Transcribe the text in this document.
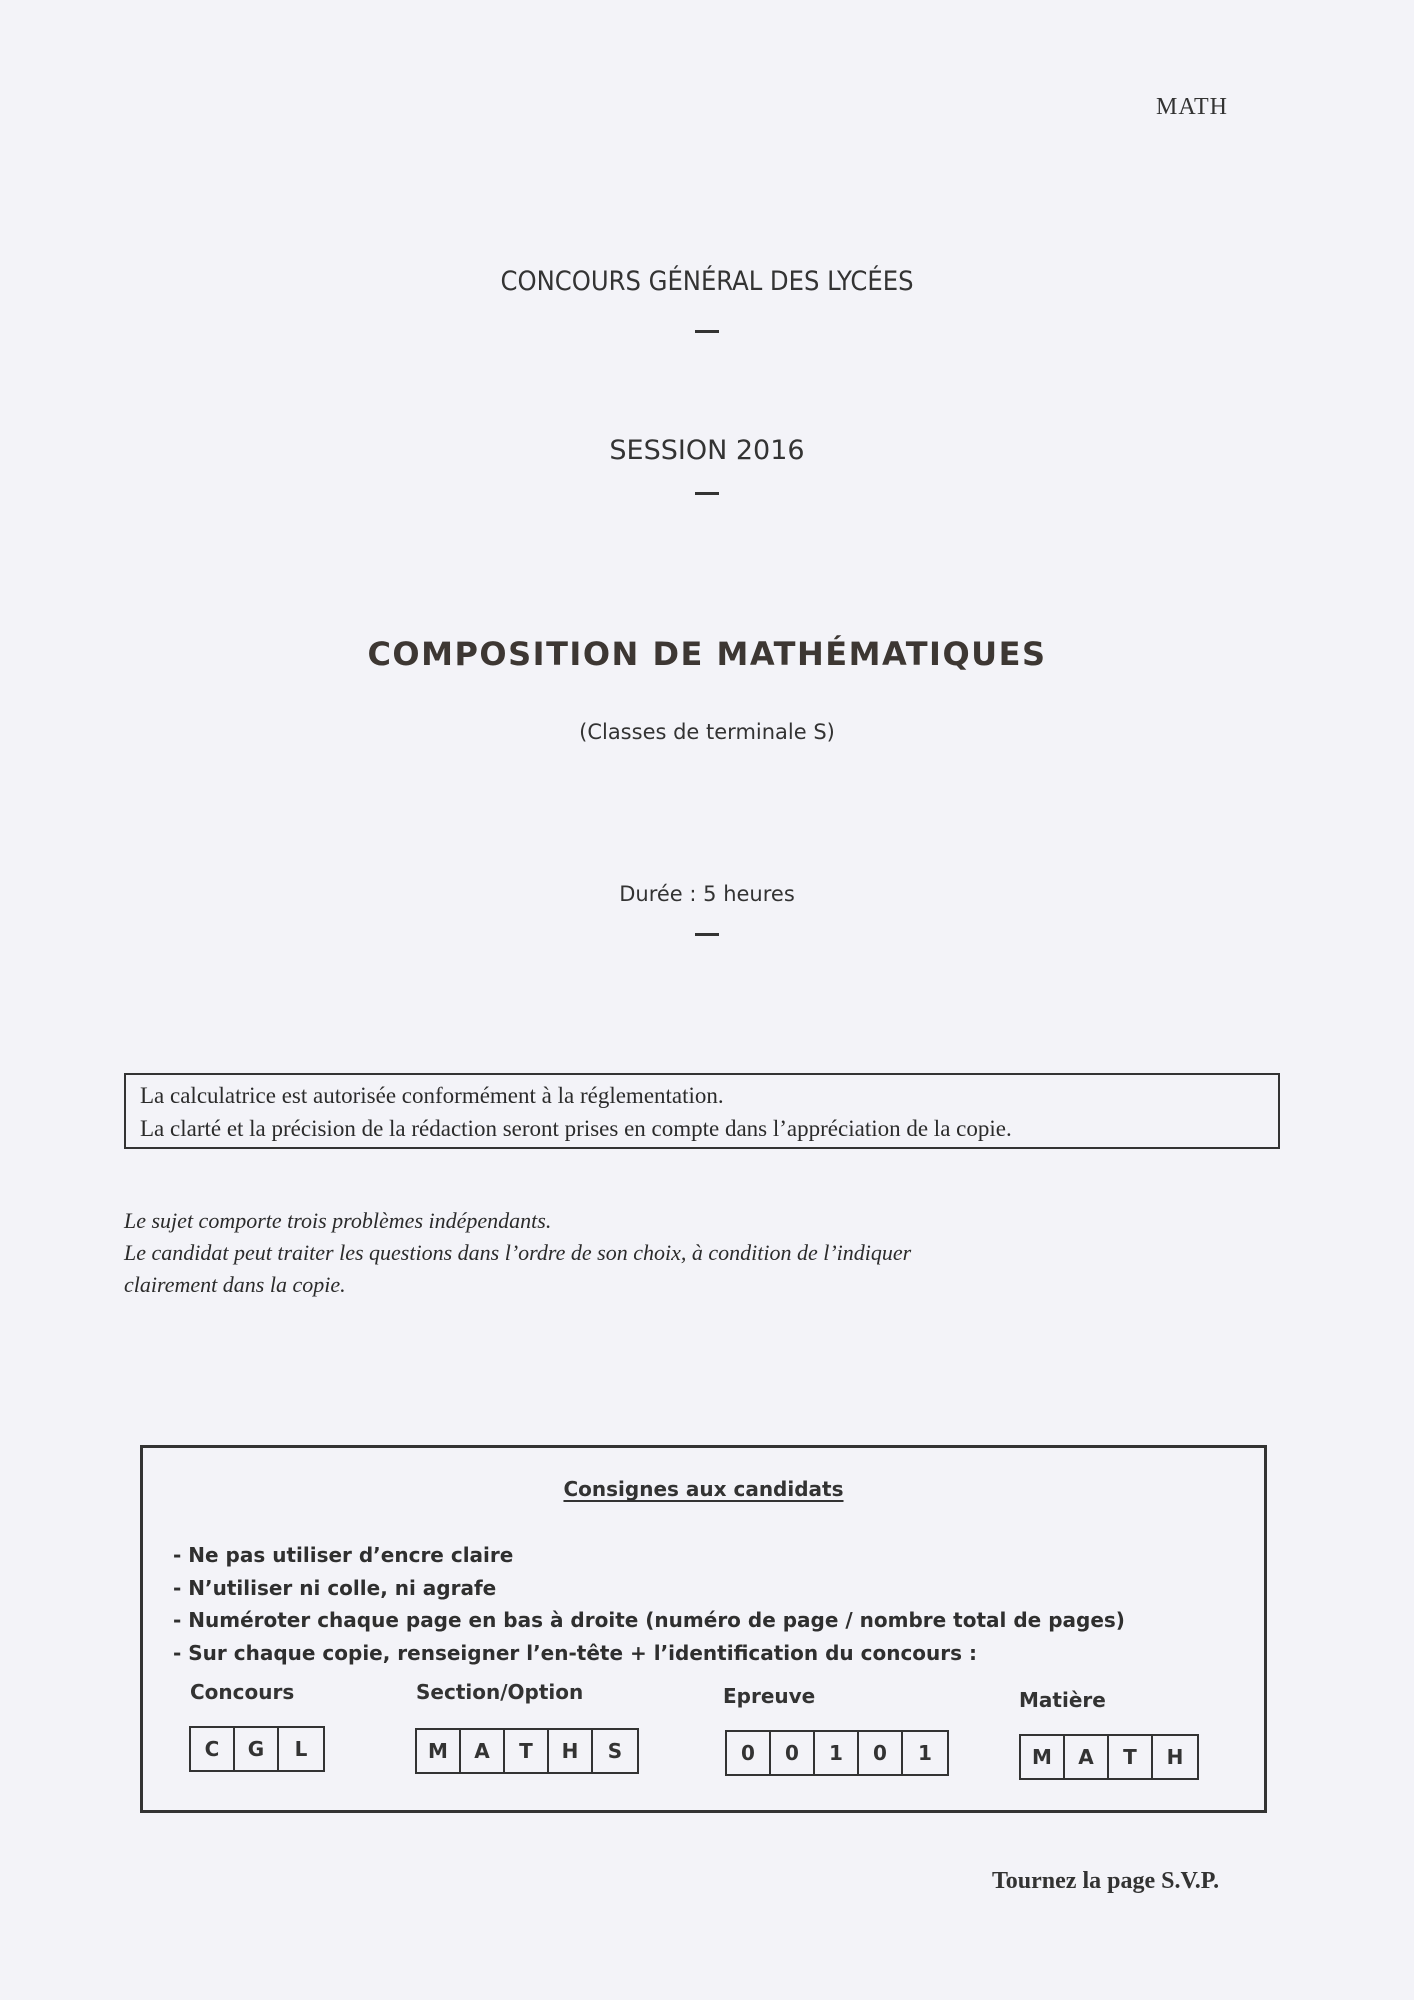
MATH
CONCOURS GÉNÉRAL DES LYCÉES
SESSION 2016
COMPOSITION DE MATHÉMATIQUES
(Classes de terminale S)
Durée : 5 heures

La calculatrice est autorisée conformément à la réglementation.

La clarté et la précision de la rédaction seront prises en compte dans l’appréciation de la copie.

Le sujet comporte trois problèmes indépendants.

Le candidat peut traiter les questions dans l’ordre de son choix, à condition de l’indiquer

clairement dans la copie.

Consignes aux candidats
- Ne pas utiliser d’encre claire
- N’utiliser ni colle, ni agrafe
- Numéroter chaque page en bas à droite (numéro de page / nombre total de pages)
- Sur chaque copie, renseigner l’en-tête + l’identification du concours :
Concours
C	G	L
Section/Option
M	A	T	H	S
Epreuve
0	0	1	0	1
Matière
M	A	T	H
Tournez la page S.V.P.
